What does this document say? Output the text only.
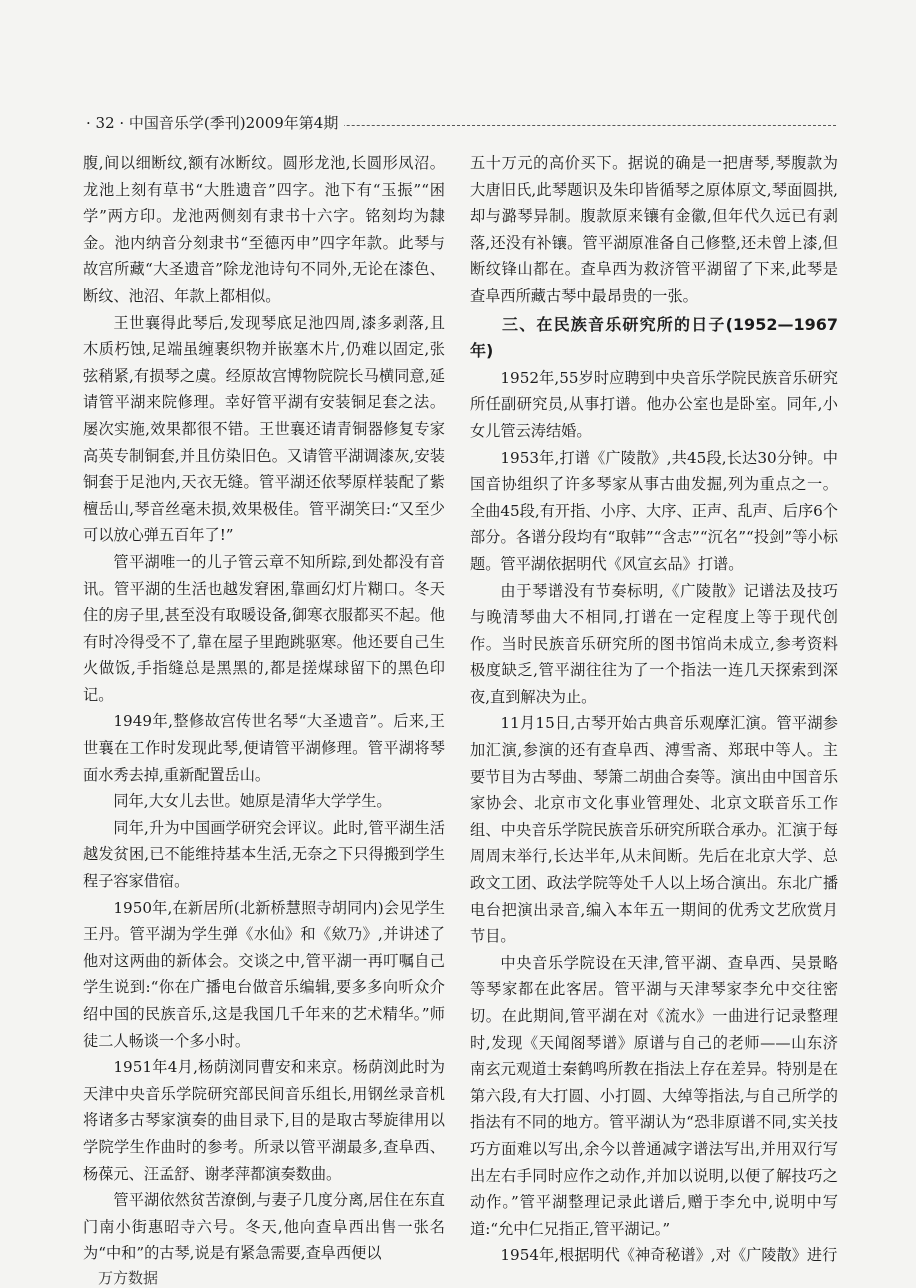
· 32 · 中国音乐学(季刊)2009年第4期

腹,间以细断纹,额有冰断纹。圆形龙池,长圆形凤沼。龙池上刻有草书“大胜遗音”四字。池下有“玉振”“困学”两方印。龙池两侧刻有隶书十六字。铭刻均为隸金。池内纳音分刻隶书“至德丙申”四字年款。此琴与故宫所藏“大圣遗音”除龙池诗句不同外,无论在漆色、断纹、池沼、年款上都相似。

王世襄得此琴后,发现琴底足池四周,漆多剥落,且木质朽蚀,足端虽缠裹织物并嵌塞木片,仍难以固定,张弦稍紧,有损琴之虞。经原故宫博物院院长马横同意,延请管平湖来院修理。幸好管平湖有安装铜足套之法。屡次实施,效果都很不错。王世襄还请青铜器修复专家高英专制铜套,并且仿染旧色。又请管平湖调漆灰,安装铜套于足池内,天衣无缝。管平湖还依琴原样装配了紫檀岳山,琴音丝毫未损,效果极佳。管平湖笑曰:“又至少可以放心弹五百年了!”

管平湖唯一的儿子管云章不知所踪,到处都没有音讯。管平湖的生活也越发窘困,靠画幻灯片糊口。冬天住的房子里,甚至没有取暖设备,御寒衣服都买不起。他有时冷得受不了,靠在屋子里跑跳驱寒。他还要自己生火做饭,手指缝总是黑黑的,都是搓煤球留下的黑色印记。

1949年,整修故宫传世名琴“大圣遗音”。后来,王世襄在工作时发现此琴,便请管平湖修理。管平湖将琴面水秀去掉,重新配置岳山。

同年,大女儿去世。她原是清华大学学生。

同年,升为中国画学研究会评议。此时,管平湖生活越发贫困,已不能维持基本生活,无奈之下只得搬到学生程子容家借宿。

1950年,在新居所(北新桥慧照寺胡同内)会见学生王丹。管平湖为学生弹《水仙》和《欸乃》,并讲述了他对这两曲的新体会。交谈之中,管平湖一再叮嘱自己学生说到:“你在广播电台做音乐编辑,要多多向听众介绍中国的民族音乐,这是我国几千年来的艺术精华。”师徒二人畅谈一个多小时。

1951年4月,杨荫浏同曹安和来京。杨荫浏此时为天津中央音乐学院研究部民间音乐组长,用钢丝录音机将诸多古琴家演奏的曲目录下,目的是取古琴旋律用以学院学生作曲时的参考。所录以管平湖最多,查阜西、杨葆元、汪孟舒、谢孝萍都演奏数曲。

管平湖依然贫苦潦倒,与妻子几度分离,居住在东直门南小街惠昭寺六号。冬天,他向查阜西出售一张名为“中和”的古琴,说是有紧急需要,查阜西便以

五十万元的高价买下。据说的确是一把唐琴,琴腹款为大唐旧氏,此琴题识及朱印皆循琴之原体原文,琴面圆拱,却与潞琴异制。腹款原来镶有金徽,但年代久远已有剥落,还没有补镶。管平湖原准备自己修整,还未曾上漆,但断纹锋山都在。查阜西为救济管平湖留了下来,此琴是查阜西所藏古琴中最昂贵的一张。

三、在民族音乐研究所的日子(1952—1967年)

1952年,55岁时应聘到中央音乐学院民族音乐研究所任副研究员,从事打谱。他办公室也是卧室。同年,小女儿管云涛结婚。

1953年,打谱《广陵散》,共45段,长达30分钟。中国音协组织了许多琴家从事古曲发掘,列为重点之一。全曲45段,有开指、小序、大序、正声、乱声、后序6个部分。各谱分段均有“取韩”“含志”“沉名”“投剑”等小标题。管平湖依据明代《风宣玄品》打谱。

由于琴谱没有节奏标明,《广陵散》记谱法及技巧与晚清琴曲大不相同,打谱在一定程度上等于现代创作。当时民族音乐研究所的图书馆尚未成立,参考资料极度缺乏,管平湖往往为了一个指法一连几天探索到深夜,直到解决为止。

11月15日,古琴开始古典音乐观摩汇演。管平湖参加汇演,参演的还有查阜西、溥雪斋、郑珉中等人。主要节目为古琴曲、琴箫二胡曲合奏等。演出由中国音乐家协会、北京市文化事业管理处、北京文联音乐工作组、中央音乐学院民族音乐研究所联合承办。汇演于每周周末举行,长达半年,从未间断。先后在北京大学、总政文工团、政法学院等处千人以上场合演出。东北广播电台把演出录音,编入本年五一期间的优秀文艺欣赏月节目。

中央音乐学院设在天津,管平湖、查阜西、吴景略等琴家都在此客居。管平湖与天津琴家李允中交往密切。在此期间,管平湖在对《流水》一曲进行记录整理时,发现《天闻阁琴谱》原谱与自己的老师——山东济南玄元观道士秦鹤鸣所教在指法上存在差异。特别是在第六段,有大打圆、小打圆、大绰等指法,与自己所学的指法有不同的地方。管平湖认为“恐非原谱不同,实关技巧方面难以写出,余今以普通减字谱法写出,并用双行写出左右手同时应作之动作,并加以说明,以便了解技巧之动作。”管平湖整理记录此谱后,赠于李允中,说明中写道:“允中仁兄指正,管平湖记。”

1954年,根据明代《神奇秘谱》,对《广陵散》进行

万方数据
